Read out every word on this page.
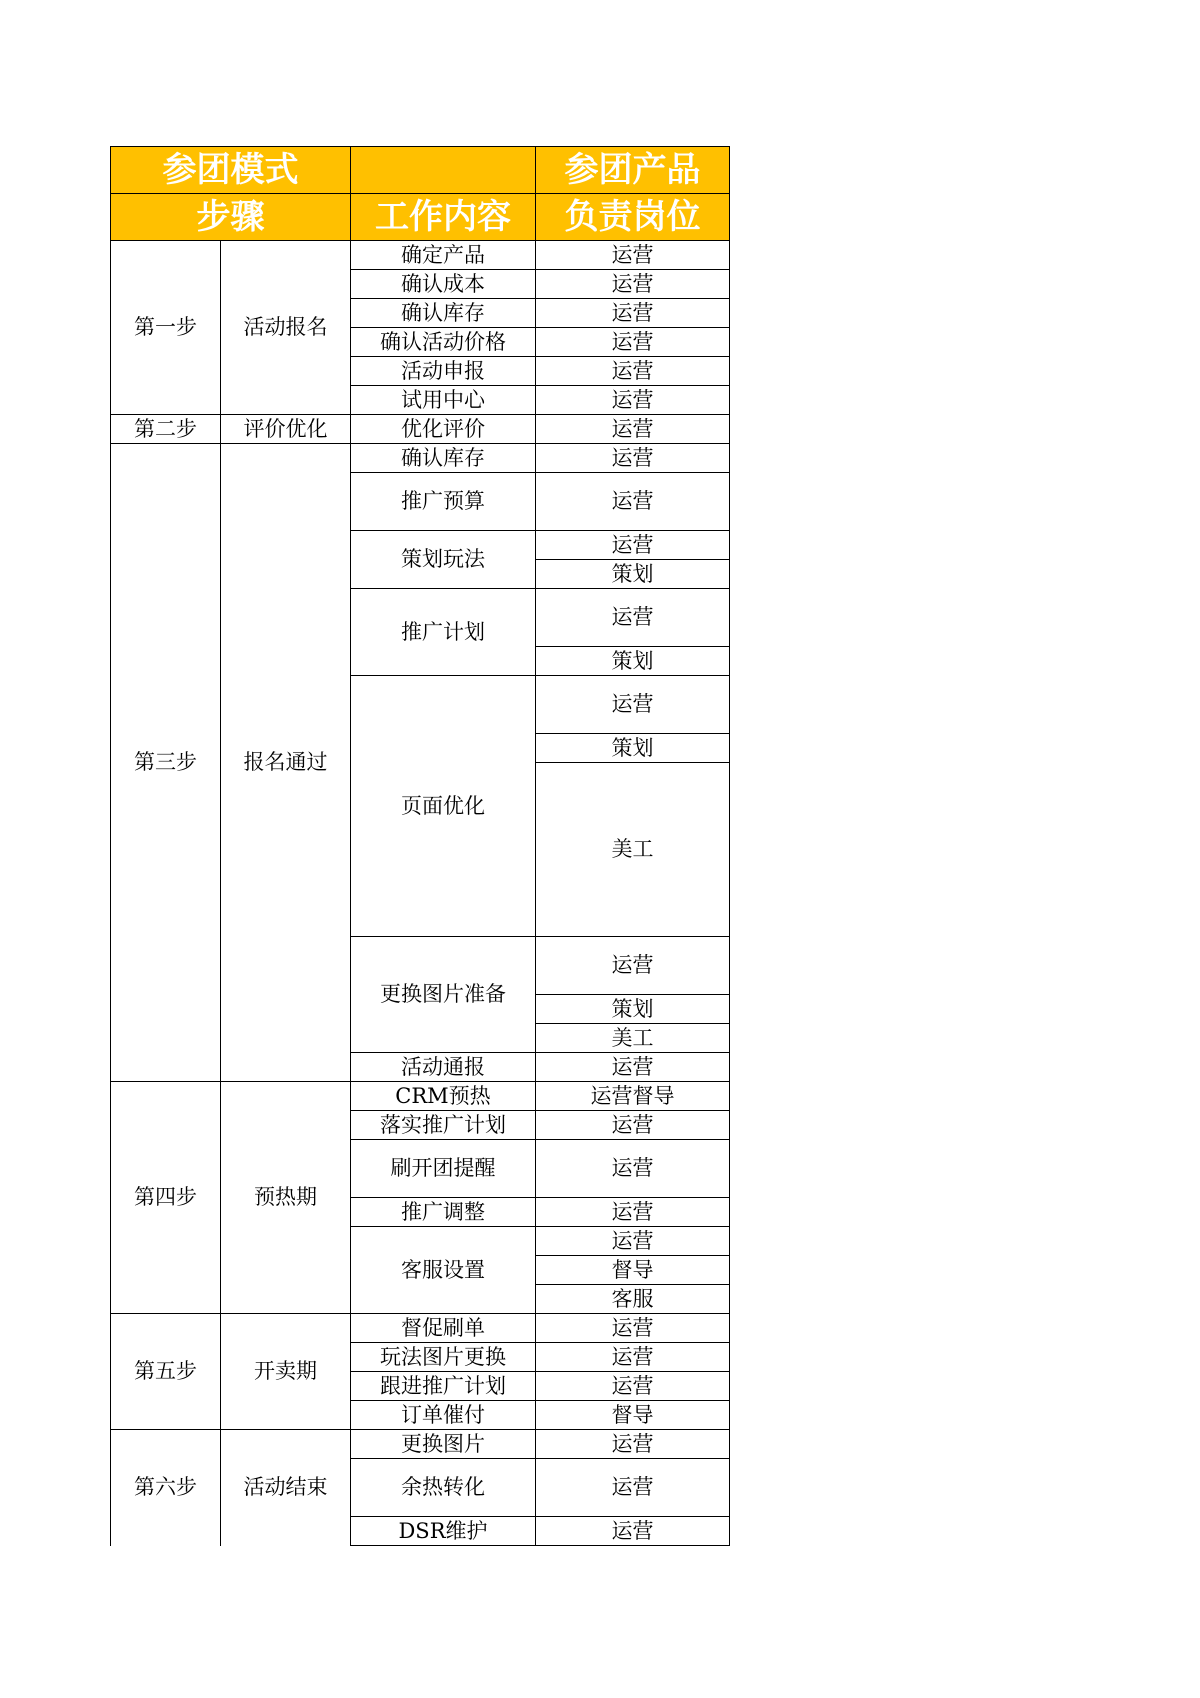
参团模式			参团产品
步骤		工作内容	负责岗位
第一步	活动报名	确定产品	运营
		确认成本	运营
		确认库存	运营
		确认活动价格	运营
		活动申报	运营
		试用中心	运营
第二步	评价优化	优化评价	运营
第三步	报名通过	确认库存	运营
		推广预算	运营
		策划玩法	运营
			策划
		推广计划	运营
			策划
		页面优化	运营
			策划
			美工
		更换图片准备	运营
			策划
			美工
		活动通报	运营
第四步	预热期	CRM预热	运营督导
		落实推广计划	运营
		刷开团提醒	运营
		推广调整	运营
		客服设置	运营
			督导
			客服
第五步	开卖期	督促刷单	运营
		玩法图片更换	运营
		跟进推广计划	运营
		订单催付	督导
第六步	活动结束	更换图片	运营
		余热转化	运营
		DSR维护	运营
